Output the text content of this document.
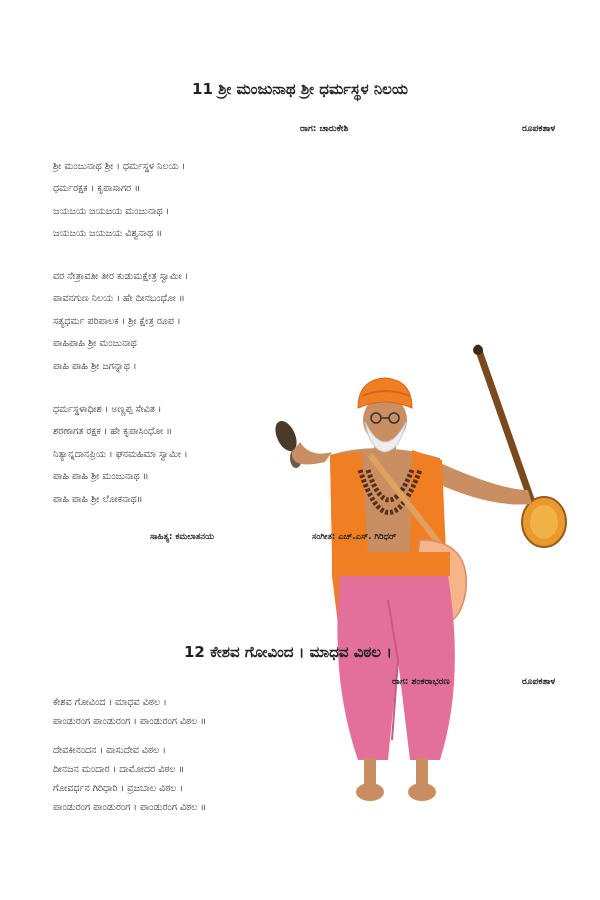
11 ಶ್ರೀ ಮಂಜುನಾಥ ಶ್ರೀ ಧರ್ಮಸ್ಥಳ ನಿಲಯ
ರಾಗ: ಚಾರುಕೇಶಿ	ರೂಪಕತಾಳ
ಶ್ರೀ ಮಂಜುನಾಥ ಶ್ರೀ । ಧರ್ಮಸ್ಥಳ ನಿಲಯ ।
ಧರ್ಮರಕ್ಷಕ । ಕೃಪಾಸಾಗರ ॥
ಜಯಜಯ ಜಯಜಯ ಮಂಜುನಾಥ ।
ಜಯಜಯ ಜಯಜಯ ವಿಶ್ವನಾಥ ॥
ವರ ನೇತ್ರಾವತೀ ತೀರ ಕುಡುಮಕ್ಷೇತ್ರ ಸ್ವಾಮೀ ।
ಪಾವನಗುಣ ನಿಲಯ । ಹೇ ದೀನಬಂಧೋ ॥
ಸತ್ಯಧರ್ಮ ಪರಿಪಾಲಕ । ಶ್ರೀ ಕ್ಷೇತ್ರ ರೂಪ ।
ಪಾಹಿಪಾಹಿ ಶ್ರೀ ಮಂಜುನಾಥ
ಪಾಹಿ ಪಾಹಿ ಶ್ರೀ ಜಗನ್ನಾಥ ।
ಧರ್ಮಸ್ಥಳಾಧೀಶ । ಅಣ್ಣಪ್ಪ ಸೇವಿತ ।
ಶರಣಾಗತ ರಕ್ಷಕ । ಹೇ ಕೃಪಾಸಿಂಧೋ ॥
ನಿತ್ಯಾನ್ನದಾನಪ್ರಿಯ । ಘನಮಹಿಮಾ ಸ್ವಾಮೀ ।
ಪಾಹಿ ಪಾಹಿ ಶ್ರೀ ಮಂಜುನಾಥ ॥
ಪಾಹಿ ಪಾಹಿ ಶ್ರೀ ಲೋಕನಾಥ॥
ಸಾಹಿತ್ಯ: ಕಮಲಾತನಯ	ಸಂಗೀತ: ಎಚ್.ಎಸ್. ಗಿರಿಧರ್
12 ಕೇಶವ ಗೋವಿಂದ । ಮಾಧವ ವಿಠಲ ।
ರಾಗ: ಶಂಕರಾಭರಣ	ರೂಪಕತಾಳ
ಕೇಶವ ಗೋವಿಂದ । ಮಾಧವ ವಿಠಲ ।
ಪಾಂಡುರಂಗ ಪಾಂಡುರಂಗ । ಪಾಂಡುರಂಗ ವಿಠಲ ॥
ದೇವಕೀನಂದನ । ವಾಸುದೇವ ವಿಠಲ ।
ದೀನಜನ ಮಂದಾರ । ದಾಮೋದರ ವಿಠಲ ॥
ಗೋವರ್ಧನ ಗಿರಿಧಾರಿ । ವ್ರಜಬಾಲ ವಿಠಲ ।
ಪಾಂಡುರಂಗ ಪಾಂಡುರಂಗ । ಪಾಂಡುರಂಗ ವಿಠಲ ॥
